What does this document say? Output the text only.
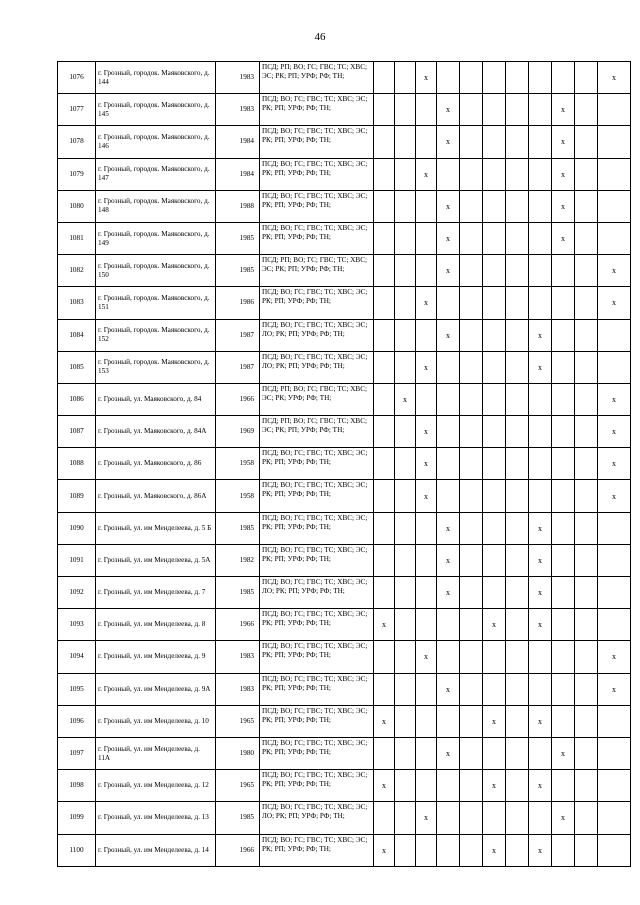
46
1076	г. Грозный, городок. Маяковского, д. 144	1983	ПСД; РП; ВО; ГС; ГВС; ТС; ХВС; ЭС; РК; РП; УРФ; РФ; ТН;			x								x
1077	г. Грозный, городок. Маяковского, д. 145	1983	ПСД; ВО; ГС; ГВС; ТС; ХВС; ЭС; РК; РП; УРФ; РФ; ТН;				x					x		
1078	г. Грозный, городок. Маяковского, д. 146	1984	ПСД; ВО; ГС; ГВС; ТС; ХВС; ЭС; РК; РП; УРФ; РФ; ТН;				x					x		
1079	г. Грозный, городок. Маяковского, д. 147	1984	ПСД; ВО; ГС; ГВС; ТС; ХВС; ЭС; РК; РП; УРФ; РФ; ТН;			x						x		
1080	г. Грозный, городок. Маяковского, д. 148	1988	ПСД; ВО; ГС; ГВС; ТС; ХВС; ЭС; РК; РП; УРФ; РФ; ТН;				x					x		
1081	г. Грозный, городок. Маяковского, д. 149	1985	ПСД; ВО; ГС; ГВС; ТС; ХВС; ЭС; РК; РП; УРФ; РФ; ТН;				x					x		
1082	г. Грозный, городок. Маяковского, д. 150	1985	ПСД; РП; ВО; ГС; ГВС; ТС; ХВС; ЭС; РК; РП; УРФ; РФ; ТН;				x							x
1083	г. Грозный, городок. Маяковского, д. 151	1986	ПСД; ВО; ГС; ГВС; ТС; ХВС; ЭС; РК; РП; УРФ; РФ; ТН;			x								x
1084	г. Грозный, городок. Маяковского, д. 152	1987	ПСД; ВО; ГС; ГВС; ТС; ХВС; ЭС; ЛО; РК; РП; УРФ; РФ; ТН;				x				x			
1085	г. Грозный, городок. Маяковского, д. 153	1987	ПСД; ВО; ГС; ГВС; ТС; ХВС; ЭС; ЛО; РК; РП; УРФ; РФ; ТН;			x					x			
1086	г. Грозный, ул. Маяковского, д. 84	1966	ПСД; РП; ВО; ГС; ГВС; ТС; ХВС; ЭС; РК; УРФ; РФ; ТН;		x									x
1087	г. Грозный, ул. Маяковского, д. 84А	1969	ПСД; РП; ВО; ГС; ГВС; ТС; ХВС; ЭС; РК; РП; УРФ; РФ; ТН;			x								x
1088	г. Грозный, ул. Маяковского, д. 86	1958	ПСД; ВО; ГС; ГВС; ТС; ХВС; ЭС; РК; РП; УРФ; РФ; ТН;			x								x
1089	г. Грозный, ул. Маяковского, д. 86А	1958	ПСД; ВО; ГС; ГВС; ТС; ХВС; ЭС; РК; РП; УРФ; РФ; ТН;			x								x
1090	г. Грозный, ул. им Менделеева, д. 5 Б	1985	ПСД; ВО; ГС; ГВС; ТС; ХВС; ЭС; РК; РП; УРФ; РФ; ТН;				x				x			
1091	г. Грозный, ул. им Менделеева, д. 5А	1982	ПСД; ВО; ГС; ГВС; ТС; ХВС; ЭС; РК; РП; УРФ; РФ; ТН;				x				x			
1092	г. Грозный, ул. им Менделеева, д. 7	1985	ПСД; ВО; ГС; ГВС; ТС; ХВС; ЭС; ЛО; РК; РП; УРФ; РФ; ТН;				x				x			
1093	г. Грозный, ул. им Менделеева, д. 8	1966	ПСД; ВО; ГС; ГВС; ТС; ХВС; ЭС; РК; РП; УРФ; РФ; ТН;	x					x		x			
1094	г. Грозный, ул. им Менделеева, д. 9	1983	ПСД; ВО; ГС; ГВС; ТС; ХВС; ЭС; РК; РП; УРФ; РФ; ТН;			x								x
1095	г. Грозный, ул. им Менделеева, д. 9А	1983	ПСД; ВО; ГС; ГВС; ТС; ХВС; ЭС; РК; РП; УРФ; РФ; ТН;				x							x
1096	г. Грозный, ул. им Менделеева, д. 10	1965	ПСД; ВО; ГС; ГВС; ТС; ХВС; ЭС; РК; РП; УРФ; РФ; ТН;	x					x		x			
1097	г. Грозный, ул. им Менделеева, д. 11А	1980	ПСД; ВО; ГС; ГВС; ТС; ХВС; ЭС; РК; РП; УРФ; РФ; ТН;				x					x		
1098	г. Грозный, ул. им Менделеева, д. 12	1965	ПСД; ВО; ГС; ГВС; ТС; ХВС; ЭС; РК; РП; УРФ; РФ; ТН;	x					x		x			
1099	г. Грозный, ул. им Менделеева, д. 13	1985	ПСД; ВО; ГС; ГВС; ТС; ХВС; ЭС; ЛО; РК; РП; УРФ; РФ; ТН;			x						x		
1100	г. Грозный, ул. им Менделеева, д. 14	1966	ПСД; ВО; ГС; ГВС; ТС; ХВС; ЭС; РК; РП; УРФ; РФ; ТН;	x					x		x			
